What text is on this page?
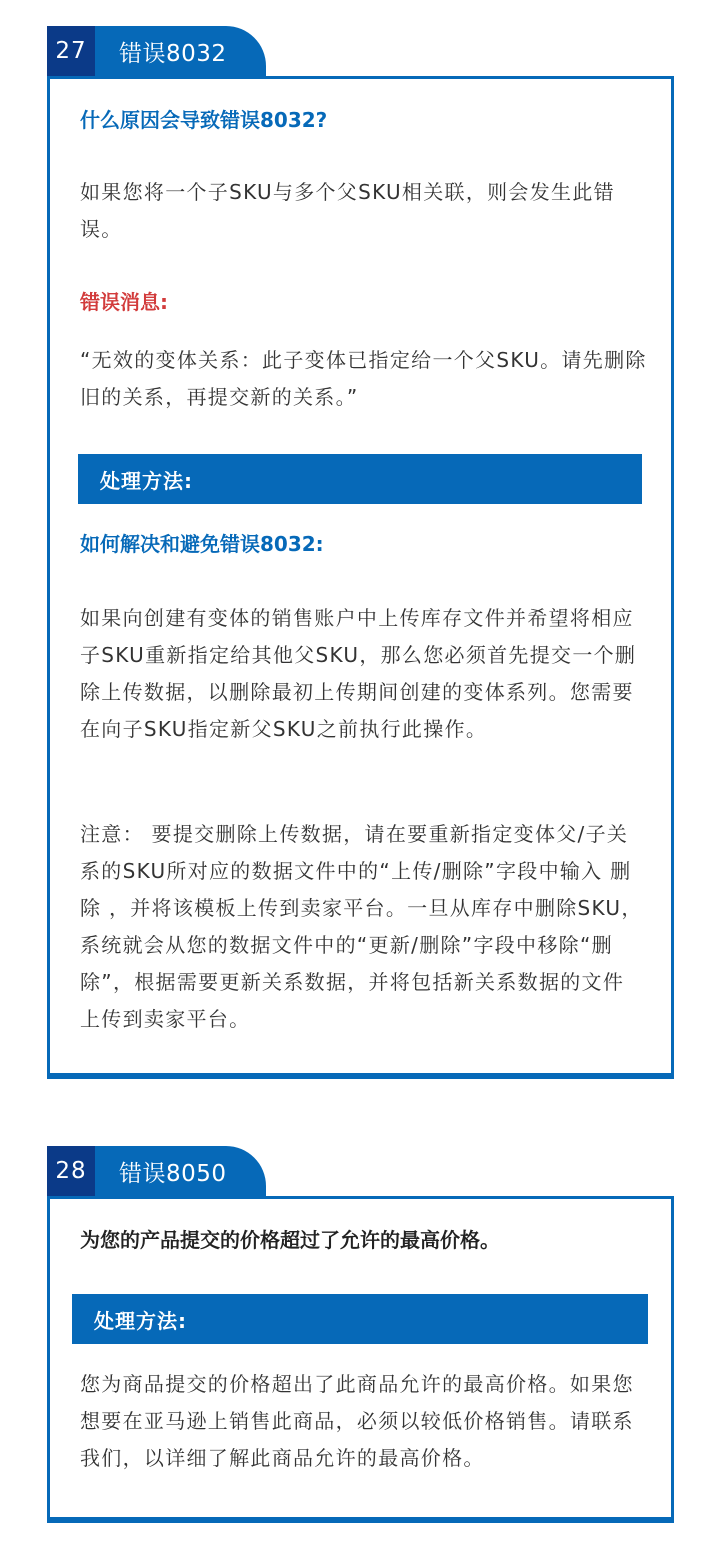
27	错误8032

什么原因会导致错误8032?

如果您将一个子SKU与多个父SKU相关联，则会发生此错误。

错误消息:

“无效的变体关系：此子变体已指定给一个父SKU。请先删除旧的关系，再提交新的关系。”

处理方法:

如何解决和避免错误8032:

如果向创建有变体的销售账户中上传库存文件并希望将相应子SKU重新指定给其他父SKU，那么您必须首先提交一个删除上传数据，以删除最初上传期间创建的变体系列。您需要在向子SKU指定新父SKU之前执行此操作。

注意： 要提交删除上传数据，请在要重新指定变体父/子关系的SKU所对应的数据文件中的“上传/删除”字段中输入 删除 ，并将该模板上传到卖家平台。一旦从库存中删除SKU，系统就会从您的数据文件中的“更新/删除”字段中移除“删除”，根据需要更新关系数据，并将包括新关系数据的文件上传到卖家平台。

28	错误8050

为您的产品提交的价格超过了允许的最高价格。

处理方法:

您为商品提交的价格超出了此商品允许的最高价格。如果您想要在亚马逊上销售此商品，必须以较低价格销售。请联系我们，以详细了解此商品允许的最高价格。
